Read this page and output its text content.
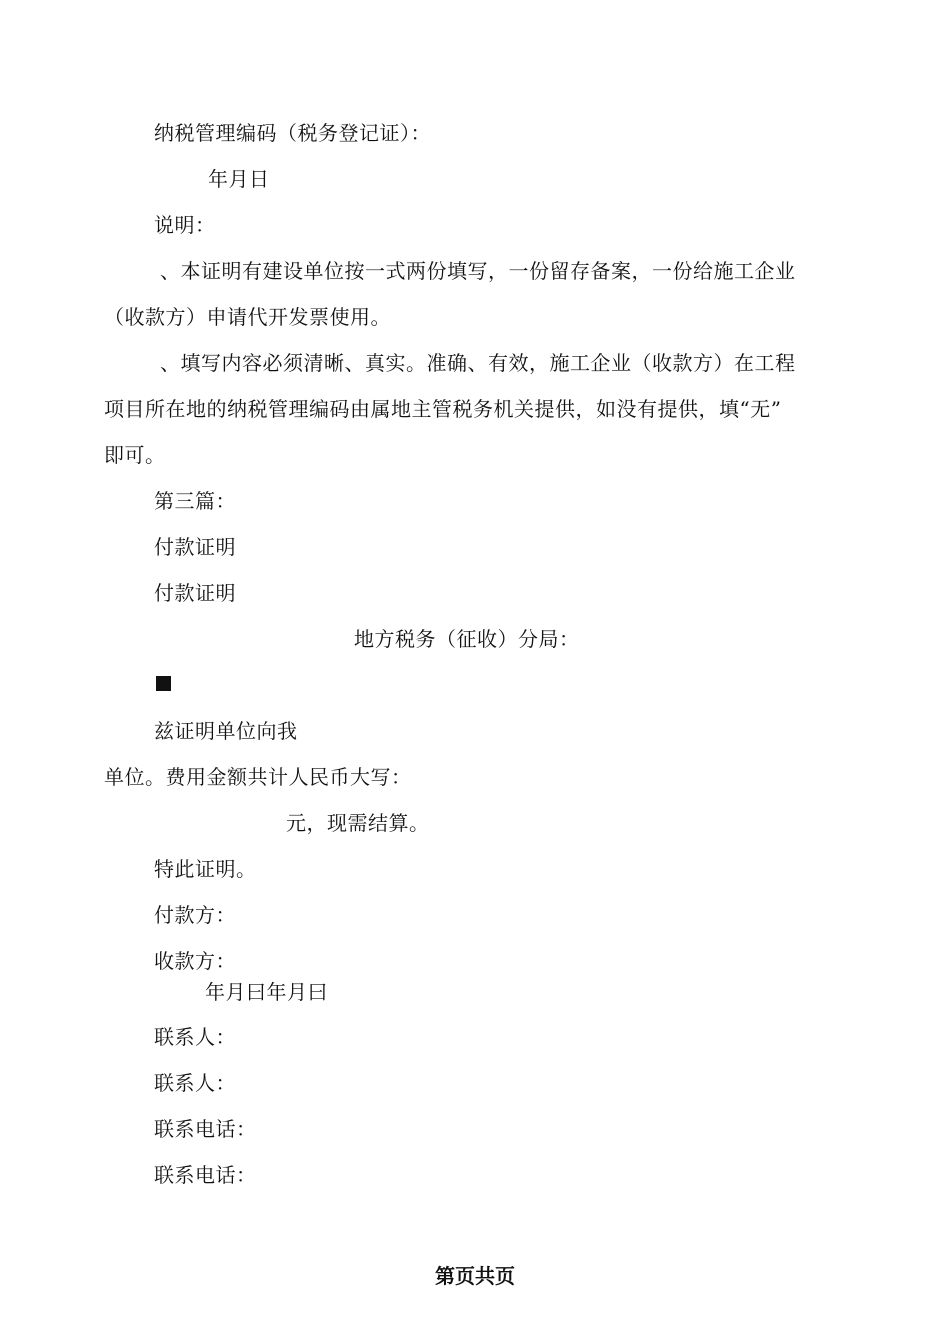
纳税管理编码（税务登记证）：
年月日
说明：
、本证明有建设单位按一式两份填写，一份留存备案，一份给施工企业
（收款方）申请代开发票使用。
、填写内容必须清晰、真实。准确、有效，施工企业（收款方）在工程
项目所在地的纳税管理编码由属地主管税务机关提供，如没有提供，填“无”
即可。
第三篇：
付款证明
付款证明
地方税务（征收）分局：
兹证明单位向我
单位。费用金额共计人民币大写：
元，现需结算。
特此证明。
付款方：
收款方：
年月曰年月曰
联系人：
联系人：
联系电话：
联系电话：
第页共页
